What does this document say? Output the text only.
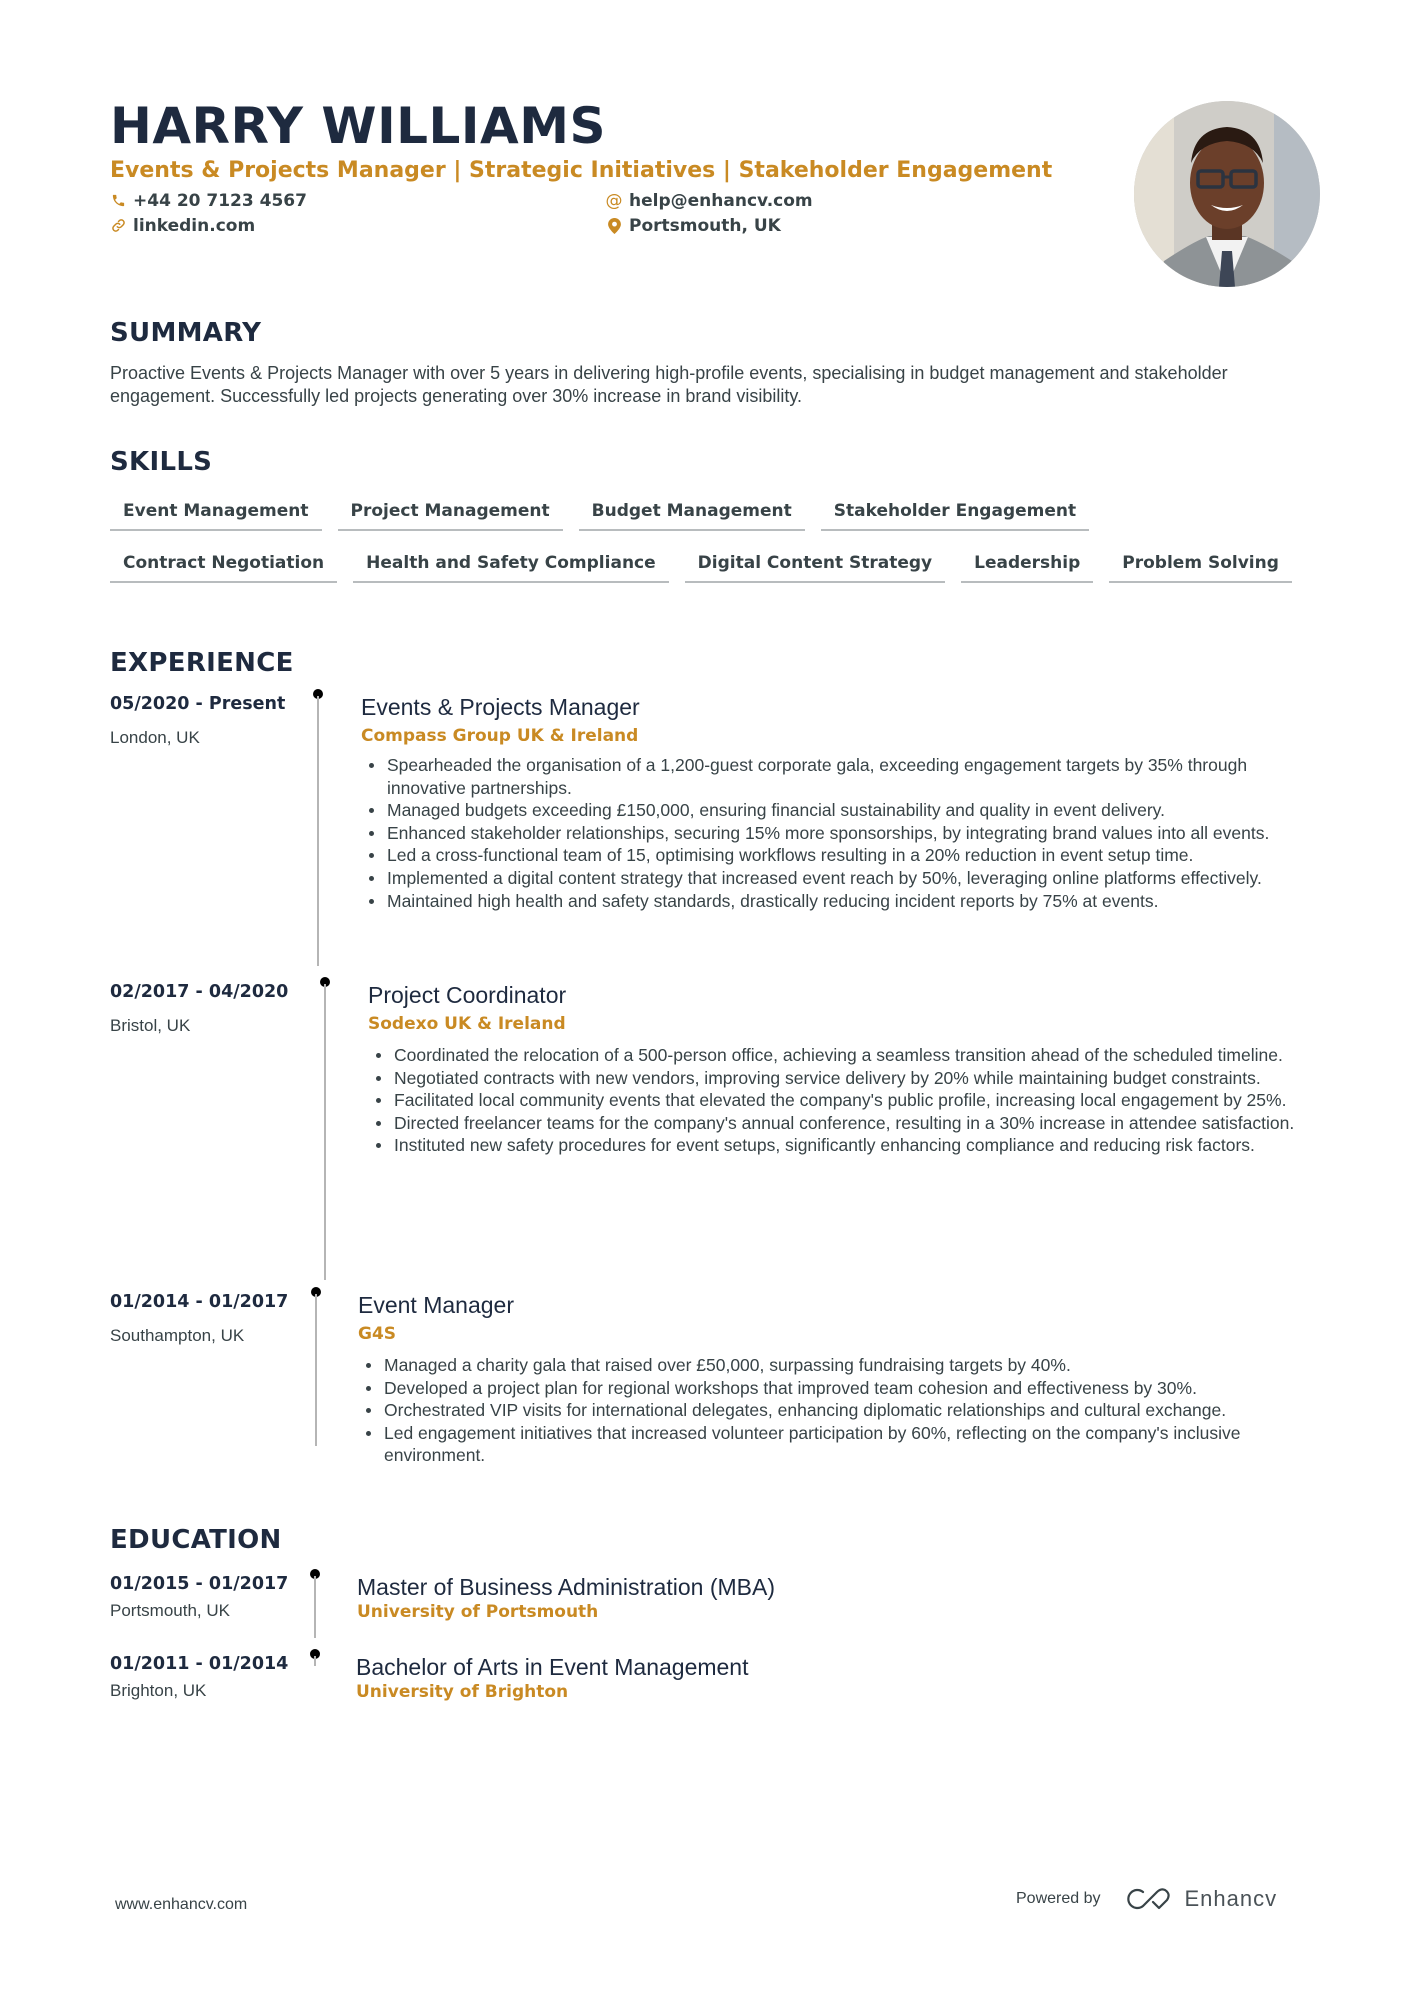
HARRY WILLIAMS
Events & Projects Manager | Strategic Initiatives | Stakeholder Engagement
+44 20 7123 4567
linkedin.com
@ help@enhancv.com
Portsmouth, UK
SUMMARY
Proactive Events & Projects Manager with over 5 years in delivering high-profile events, specialising in budget management and stakeholder engagement. Successfully led projects generating over 30% increase in brand visibility.
SKILLS
Event Management	Project Management	Budget Management	Stakeholder Engagement
Contract Negotiation	Health and Safety Compliance	Digital Content Strategy	Leadership	Problem Solving
EXPERIENCE
05/2020 - Present
London, UK
Events & Projects Manager
Compass Group UK & Ireland
Spearheaded the organisation of a 1,200-guest corporate gala, exceeding engagement targets by 35% through innovative partnerships.
Managed budgets exceeding £150,000, ensuring financial sustainability and quality in event delivery.
Enhanced stakeholder relationships, securing 15% more sponsorships, by integrating brand values into all events.
Led a cross-functional team of 15, optimising workflows resulting in a 20% reduction in event setup time.
Implemented a digital content strategy that increased event reach by 50%, leveraging online platforms effectively.
Maintained high health and safety standards, drastically reducing incident reports by 75% at events.
02/2017 - 04/2020
Bristol, UK
Project Coordinator
Sodexo UK & Ireland
Coordinated the relocation of a 500-person office, achieving a seamless transition ahead of the scheduled timeline.
Negotiated contracts with new vendors, improving service delivery by 20% while maintaining budget constraints.
Facilitated local community events that elevated the company's public profile, increasing local engagement by 25%.
Directed freelancer teams for the company's annual conference, resulting in a 30% increase in attendee satisfaction.
Instituted new safety procedures for event setups, significantly enhancing compliance and reducing risk factors.
01/2014 - 01/2017
Southampton, UK
Event Manager
G4S
Managed a charity gala that raised over £50,000, surpassing fundraising targets by 40%.
Developed a project plan for regional workshops that improved team cohesion and effectiveness by 30%.
Orchestrated VIP visits for international delegates, enhancing diplomatic relationships and cultural exchange.
Led engagement initiatives that increased volunteer participation by 60%, reflecting on the company's inclusive environment.
EDUCATION
01/2015 - 01/2017
Portsmouth, UK
Master of Business Administration (MBA)
University of Portsmouth
01/2011 - 01/2014
Brighton, UK
Bachelor of Arts in Event Management
University of Brighton
www.enhancv.com	Powered by	Enhancv
